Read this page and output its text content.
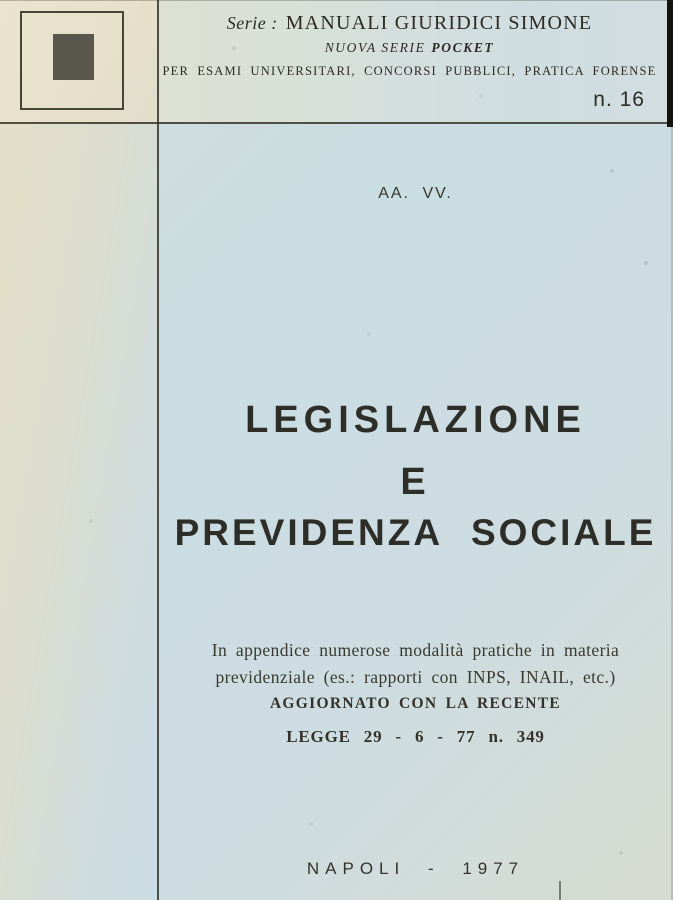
Serie : MANUALI GIURIDICI SIMONE
NUOVA SERIE POCKET
PER ESAMI UNIVERSITARI, CONCORSI PUBBLICI, PRATICA FORENSE
n. 16
AA. VV.
LEGISLAZIONE
E
PREVIDENZA SOCIALE
In appendice numerose modalità pratiche in materia
previdenziale (es.: rapporti con INPS, INAIL, etc.)
AGGIORNATO CON LA RECENTE
LEGGE 29 - 6 - 77 n. 349
NAPOLI - 1977
